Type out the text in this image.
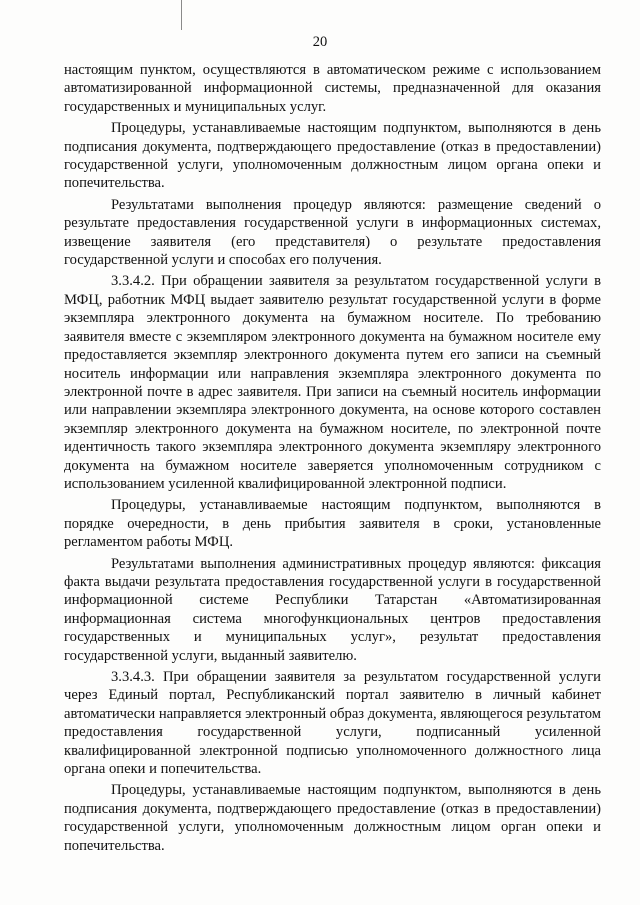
20

настоящим пунктом, осуществляются в автоматическом режиме с использованием автоматизированной информационной системы, предназначенной для оказания государственных и муниципальных услуг.

Процедуры, устанавливаемые настоящим подпунктом, выполняются в день подписания документа, подтверждающего предоставление (отказ в предоставлении) государственной услуги, уполномоченным должностным лицом органа опеки и попечительства.

Результатами выполнения процедур являются: размещение сведений о результате предоставления государственной услуги в информационных системах, извещение заявителя (его представителя) о результате предоставления государственной услуги и способах его получения.

3.3.4.2. При обращении заявителя за результатом государственной услуги в МФЦ, работник МФЦ выдает заявителю результат государственной услуги в форме экземпляра электронного документа на бумажном носителе. По требованию заявителя вместе с экземпляром электронного документа на бумажном носителе ему предоставляется экземпляр электронного документа путем его записи на съемный носитель информации или направления экземпляра электронного документа по электронной почте в адрес заявителя. При записи на съемный носитель информации или направлении экземпляра электронного документа, на основе которого составлен экземпляр электронного документа на бумажном носителе, по электронной почте идентичность такого экземпляра электронного документа экземпляру электронного документа на бумажном носителе заверяется уполномоченным сотрудником с использованием усиленной квалифицированной электронной подписи.

Процедуры, устанавливаемые настоящим подпунктом, выполняются в порядке очередности, в день прибытия заявителя в сроки, установленные регламентом работы МФЦ.

Результатами выполнения административных процедур являются: фиксация факта выдачи результата предоставления государственной услуги в государственной информационной системе Республики Татарстан «Автоматизированная информационная система многофункциональных центров предоставления государственных и муниципальных услуг», результат предоставления государственной услуги, выданный заявителю.

3.3.4.3. При обращении заявителя за результатом государственной услуги через Единый портал, Республиканский портал заявителю в личный кабинет автоматически направляется электронный образ документа, являющегося результатом предоставления государственной услуги, подписанный усиленной квалифицированной электронной подписью уполномоченного должностного лица органа опеки и попечительства.

Процедуры, устанавливаемые настоящим подпунктом, выполняются в день подписания документа, подтверждающего предоставление (отказ в предоставлении) государственной услуги, уполномоченным должностным лицом орган опеки и попечительства.
